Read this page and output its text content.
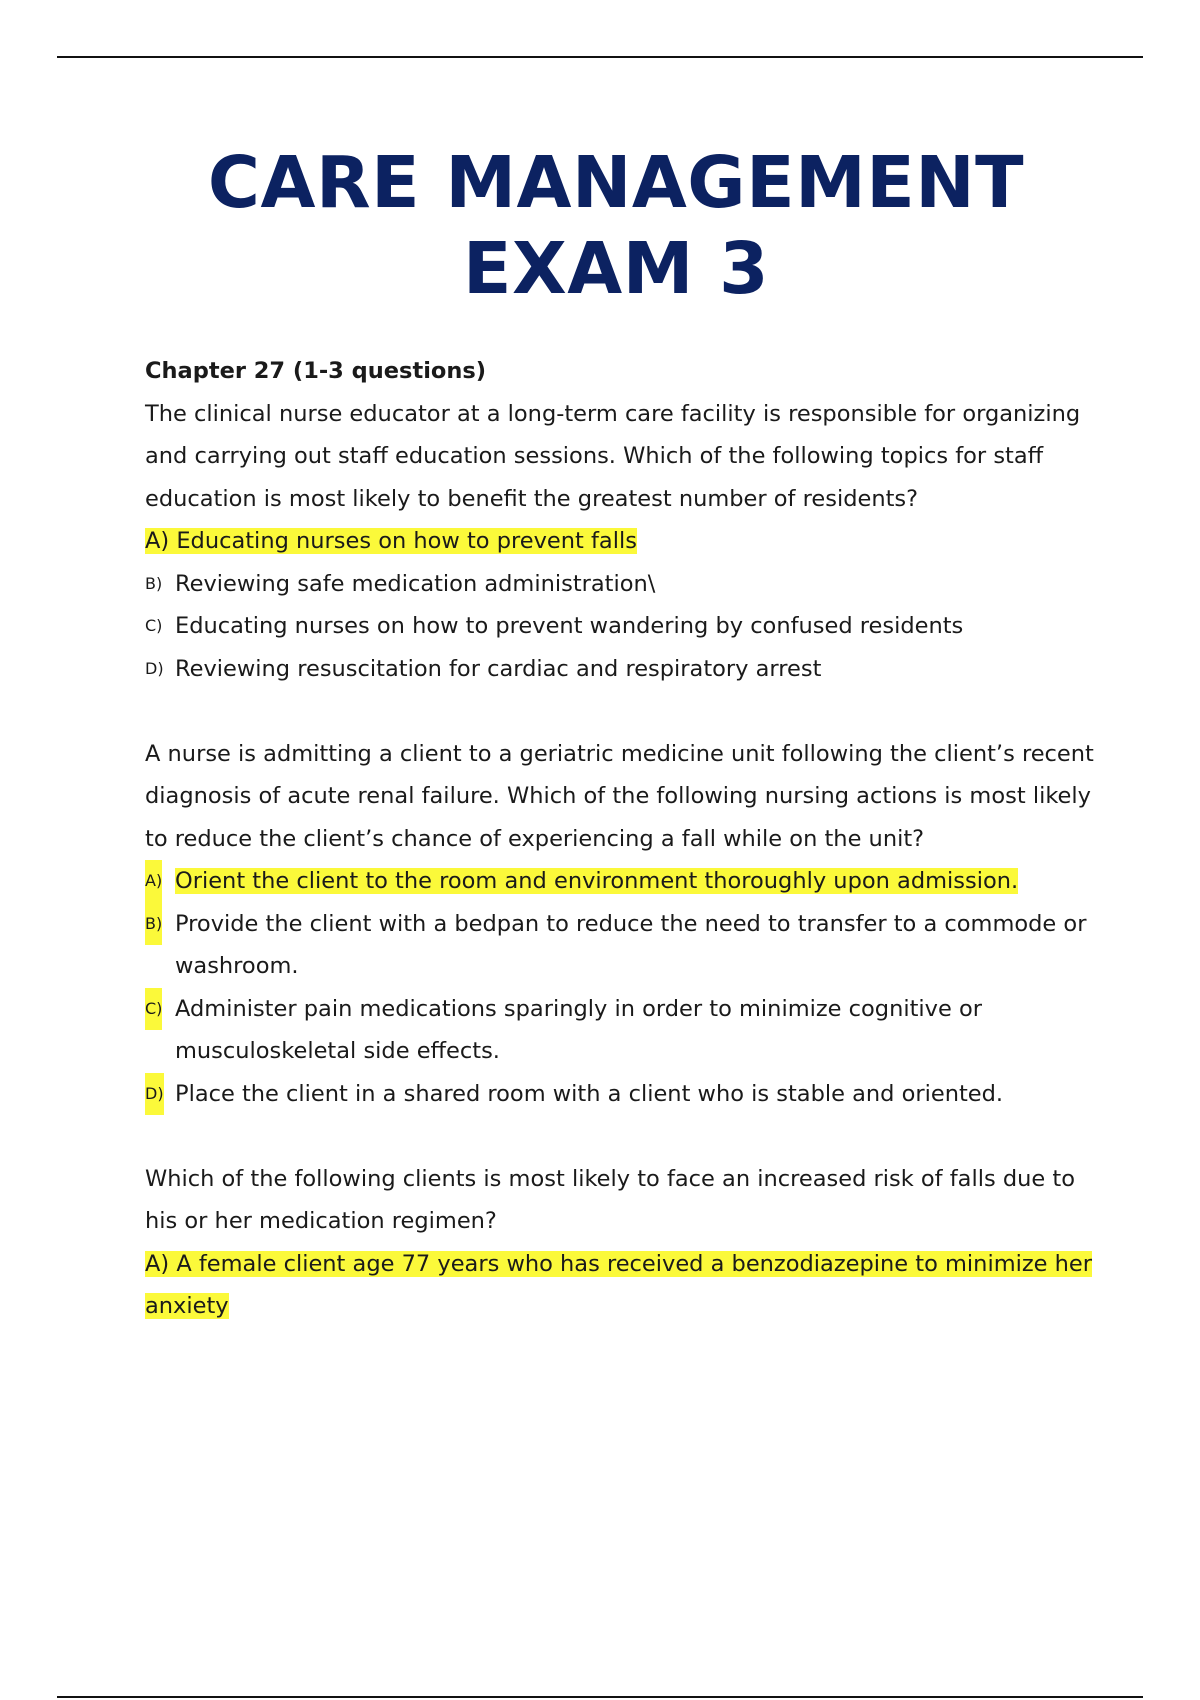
CARE MANAGEMENT
EXAM 3

Chapter 27 (1-3 questions)

The clinical nurse educator at a long-term care facility is responsible for organizing and carrying out staff education sessions. Which of the following topics for staff education is most likely to benefit the greatest number of residents?

A) Educating nurses on how to prevent falls

B) Reviewing safe medication administration\

C) Educating nurses on how to prevent wandering by confused residents

D) Reviewing resuscitation for cardiac and respiratory arrest

A nurse is admitting a client to a geriatric medicine unit following the client’s recent diagnosis of acute renal failure. Which of the following nursing actions is most likely to reduce the client’s chance of experiencing a fall while on the unit?

A) Orient the client to the room and environment thoroughly upon admission.

B) Provide the client with a bedpan to reduce the need to transfer to a commode or washroom.

C) Administer pain medications sparingly in order to minimize cognitive or musculoskeletal side effects.

D) Place the client in a shared room with a client who is stable and oriented.

Which of the following clients is most likely to face an increased risk of falls due to his or her medication regimen?

A) A female client age 77 years who has received a benzodiazepine to minimize her anxiety
